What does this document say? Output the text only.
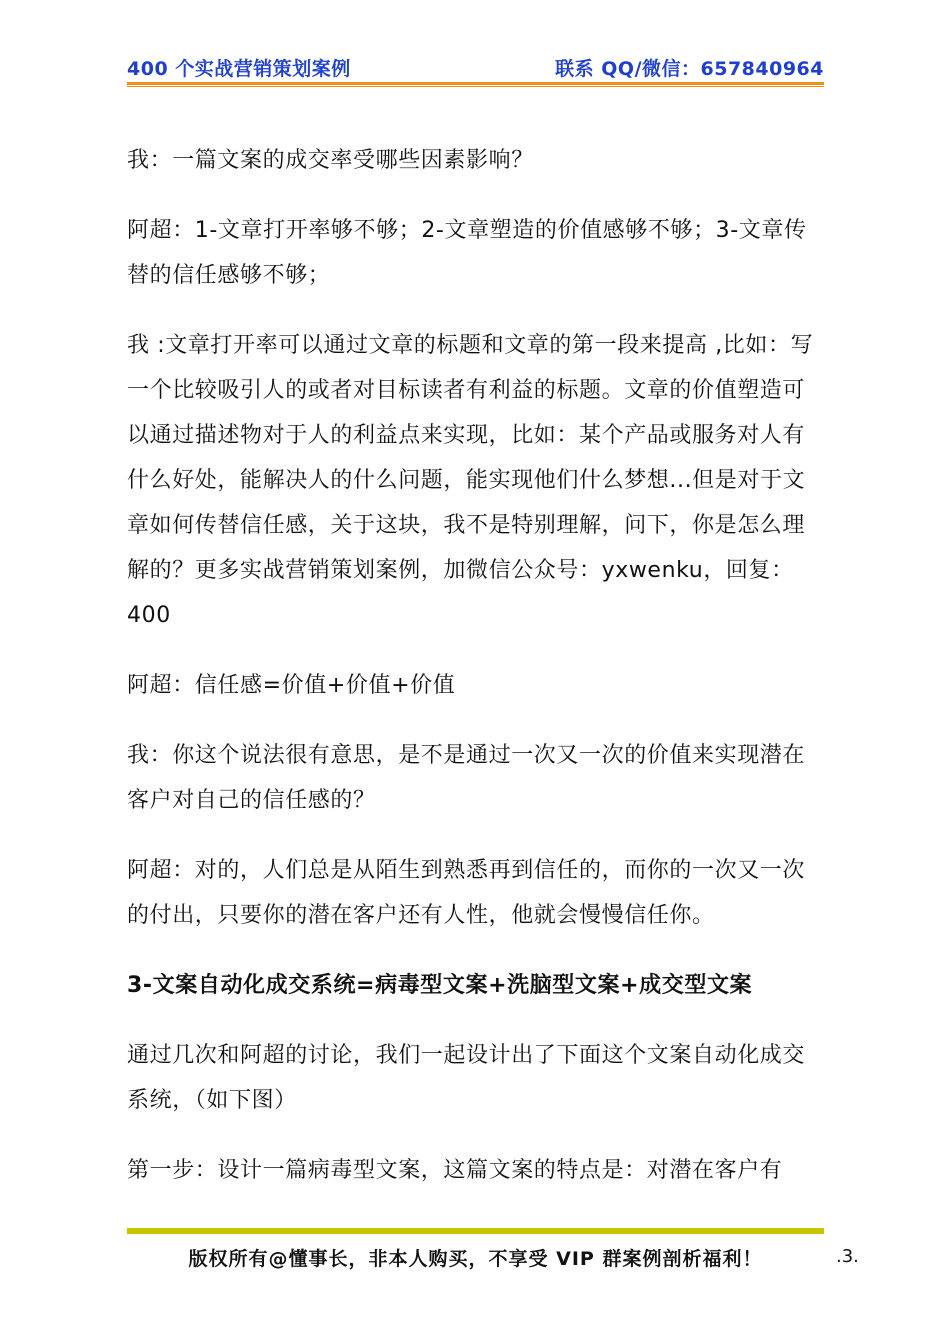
400 个实战营销策划案例	联系 QQ/微信：657840964

我：一篇文案的成交率受哪些因素影响？

阿超：1-文章打开率够不够；2-文章塑造的价值感够不够；3-文章传替的信任感够不够；

我 :文章打开率可以通过文章的标题和文章的第一段来提高 ,比如：写一个比较吸引人的或者对目标读者有利益的标题。文章的价值塑造可以通过描述物对于人的利益点来实现，比如：某个产品或服务对人有什么好处，能解决人的什么问题，能实现他们什么梦想...但是对于文章如何传替信任感，关于这块，我不是特别理解，问下，你是怎么理解的？更多实战营销策划案例，加微信公众号：yxwenku，回复：400

阿超：信任感=价值+价值+价值

我：你这个说法很有意思，是不是通过一次又一次的价值来实现潜在客户对自己的信任感的？

阿超：对的，人们总是从陌生到熟悉再到信任的，而你的一次又一次的付出，只要你的潜在客户还有人性，他就会慢慢信任你。

3-文案自动化成交系统=病毒型文案+洗脑型文案+成交型文案

通过几次和阿超的讨论，我们一起设计出了下面这个文案自动化成交系统，（如下图）

第一步：设计一篇病毒型文案，这篇文案的特点是：对潜在客户有

版权所有@懂事长，非本人购买，不享受 VIP 群案例剖析福利！	.3.
